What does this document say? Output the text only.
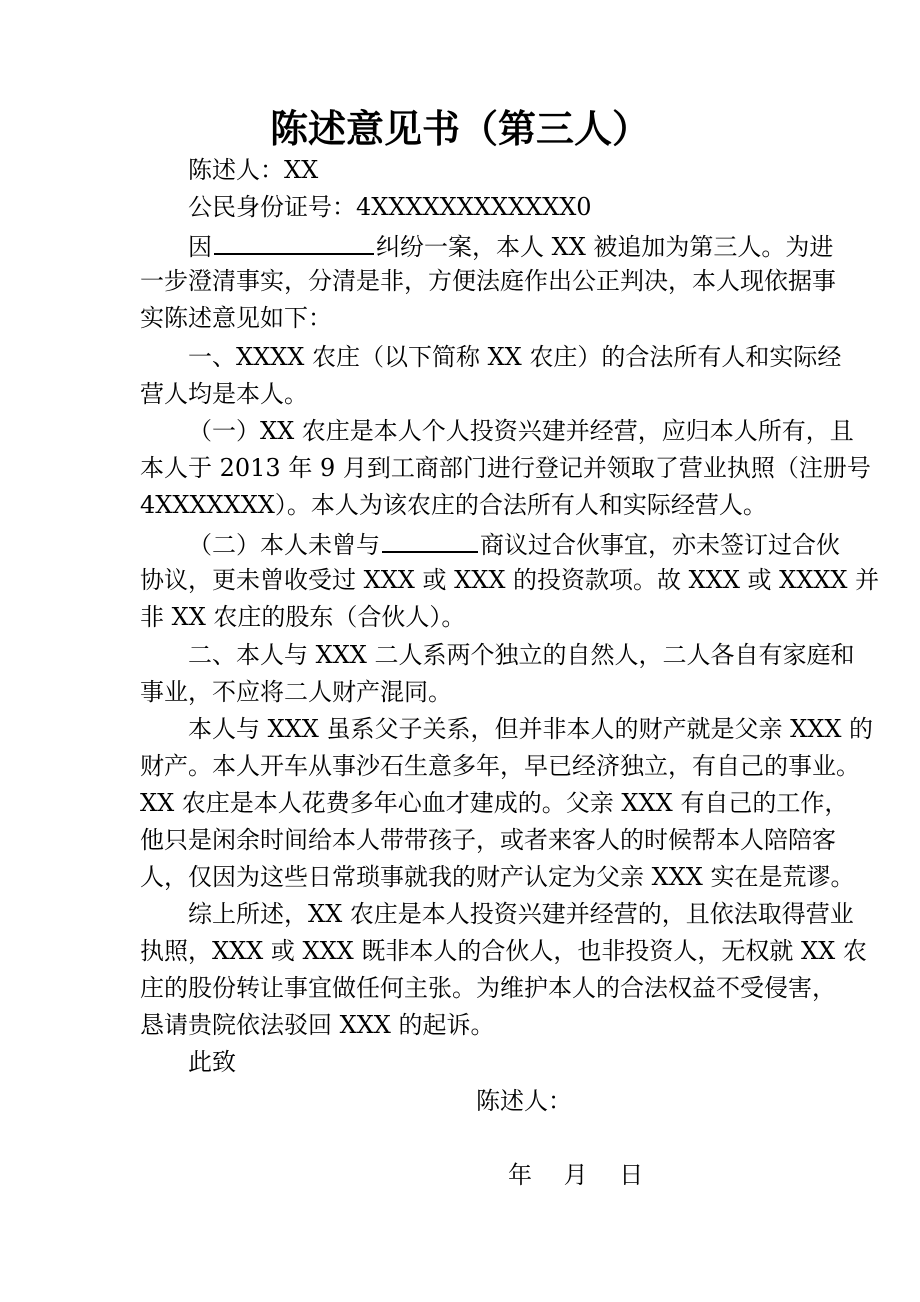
陈述意见书（第三人）
陈述人：XX
公民身份证号：4XXXXXXXXXXXX0
因	纠纷一案，本人 XX 被追加为第三人。为进
一步澄清事实，分清是非，方便法庭作出公正判决，本人现依据事
实陈述意见如下：
一、XXXX 农庄（以下简称 XX 农庄）的合法所有人和实际经
营人均是本人。
（一）XX 农庄是本人个人投资兴建并经营，应归本人所有，且
本人于 2013 年 9 月到工商部门进行登记并领取了营业执照（注册号
4XXXXXXX）。本人为该农庄的合法所有人和实际经营人。
（二）本人未曾与	商议过合伙事宜，亦未签订过合伙
协议，更未曾收受过 XXX 或 XXX 的投资款项。故 XXX 或 XXXX 并
非 XX 农庄的股东（合伙人）。
二、本人与 XXX 二人系两个独立的自然人，二人各自有家庭和
事业，不应将二人财产混同。
本人与 XXX 虽系父子关系，但并非本人的财产就是父亲 XXX 的
财产。本人开车从事沙石生意多年，早已经济独立，有自己的事业。
XX 农庄是本人花费多年心血才建成的。父亲 XXX 有自己的工作，
他只是闲余时间给本人带带孩子，或者来客人的时候帮本人陪陪客
人，仅因为这些日常琐事就我的财产认定为父亲 XXX 实在是荒谬。
综上所述，XX 农庄是本人投资兴建并经营的，且依法取得营业
执照，XXX 或 XXX 既非本人的合伙人，也非投资人，无权就 XX 农
庄的股份转让事宜做任何主张。为维护本人的合法权益不受侵害，
恳请贵院依法驳回 XXX 的起诉。
此致
陈述人：
年　 月　 日
